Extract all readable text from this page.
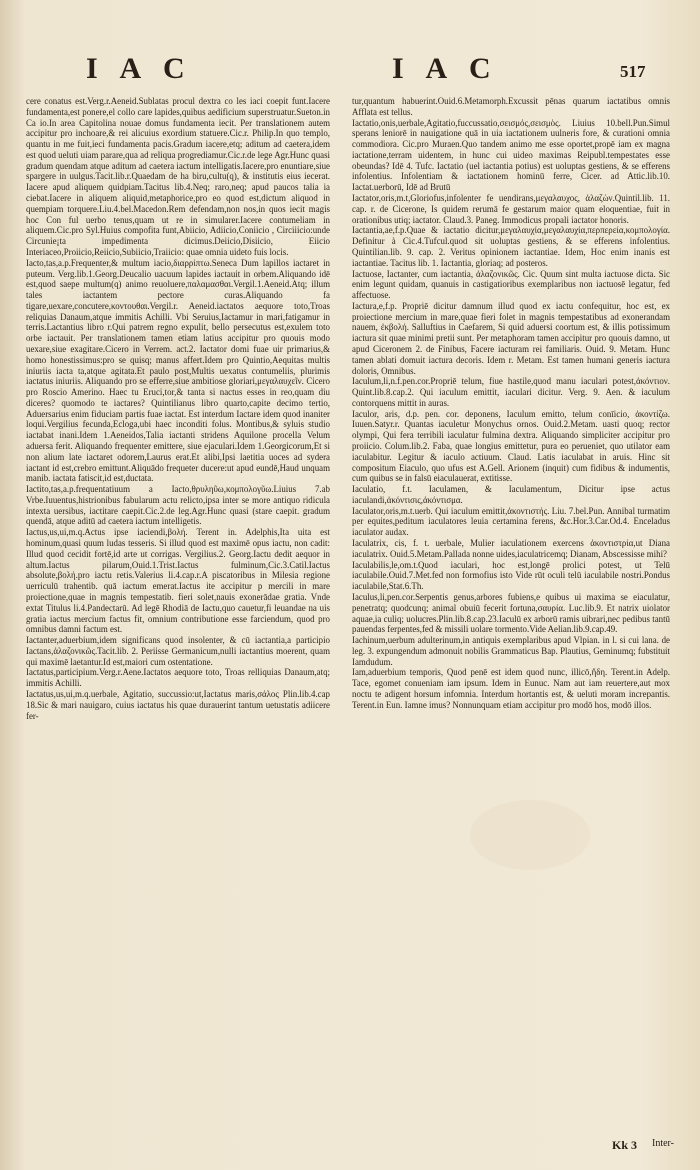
I A C	I A C	517

cere conatus est.Verg.r.Aeneid.Sublatas procul dextra co les iaci coepit funt.Iacere fundamenta,est ponere,el collo care lapides,quibus aedificium superstruatur.Sueton.in Ca io.In area Capitolina nouae domus fundamenta iecit. Per translationem autem accipitur pro inchoare,& rei alicuius exordium statuere.Cic.r. Philip.In quo templo, quantu in me fuit,ieci fundamenta pacis.Gradum iacere,etq; aditum ad caetera,idem est quod ueluti uiam parare,qua ad reliqua progrediamur.Cic.r.de lege Agr.Hunc quasi gradum quendam atque aditum ad caetera iactum intelligatis.Iacere,pro enuntiare,siue spargere in uulgus.Tacit.lib.r.Quaedam de ha biru,cultu(q), & institutis eius iecerat. Iacere apud aliquem quidpiam.Tacitus lib.4.Neq; raro,neq; apud paucos talia ia ciebat.Iacere in aliquem aliquid,metaphorice,pro eo quod est,dictum aliquod in quempiam torquere.Liu.4.bel.Macedon.Rem defendam,non nos,in quos iecit magis hoc Con ful uerbo tenus,quam ut re in simularer.Iacere contumeliam in aliquem.Cic.pro Syl.Huius compofita funt,Abiicio, Adiicio,Coniicio , Circiiicio:unde Circunie¡ta impedimenta dicimus.Deiicio,Disiicio, Eiicio Interiaceo,Proiicio,Reiicio,Subiicio,Traiicio: quae omnia uideto fuis locis.

Iacto,tas,a.p.Frequenter,& multum iacio,διαρρίπτω.Seneca Dum lapillos iactaret in puteum. Verg.lib.1.Georg.Deucalio uacuum lapides iactauit in orbem.Aliquando idē est,quod saepe multum(q) animo reuoluere,παλαμασθαι.Vergil.1.Aeneid.Atq; illum tales iactantem pectore curas.Aliquando fa tigare,uexare,concutere,κοντουθαι.Vergil.r. Aeneid.iactatos aequore toto,Troas reliquias Danaum,atque immitis Achilli. Vbi Seruius,Iactamur in mari,fatigamur in terris.Lactantius libro r.Qui patrem regno expulit, bello persecutus est,exulem toto orbe iactauit. Per translationem tamen etiam latius accipitur pro quouis modo uexare,siue exagitare.Cicero in Verrem. act.2. Iactator domi fuae uir primarius,& homo honestissimus:pro se quisq; manus affert.Idem pro Quintio,Aequitas multis iniuriis iacta ta,atque agitata.Et paulo post,Multis uexatus contumeliis, plurimis iactatus iniuriis. Aliquando pro se efferre,siue ambitiose gloriari,μεγαλαυχεῖν. Cicero pro Roscio Amerino. Haec tu Eruci,tor,& tanta si nactus esses in reo,quam diu diceres? quomodo te iactares? Quintilianus libro quarto,capite decimo tertio, Aduersarius enim fiduciam partis fuae iactat. Est interdum Iactare idem quod inaniter loqui.Vergilius fecunda,Ecloga,ubi haec inconditi folus. Montibus,& syluis studio iactabat inani.Idem 1.Aeneidos,Talia iactanti stridens Aquilone procella Velum aduersa ferit. Aliquando frequenter emittere, siue ejaculari.Idem 1.Georgicorum,Et si non alium late iactaret odorem,Laurus erat.Et alibi,Ipsi laetitia uoces ad sydera iactant id est,crebro emittunt.Aliquādo frequeter ducere:ut apud eundē,Haud unquam manib. iactata fatiscit,id est,ductata.

Iactito,tas,a.p.frequentatiuum a Iacto,θρυληῦω,κομπολογῦω.Liuius 7.ab Vrbe.Iuuentus,histrionibus fabularum actu relicto,ipsa inter se more antiquo ridicula intexta uersibus, iactitare caepit.Cic.2.de leg.Agr.Hunc quasi (stare caepit. gradum quendā, atque aditū ad caetera iactum intelligetis.

Iactus,us,ui,m.q.Actus ipse iaciendi,βολή. Terent in. Adelphis,Ita uita est hominum,quasi quum ludas tesseris. Si illud quod est maximē opus iactu, non cadit: Illud quod cecidit fortē,id arte ut corrigas. Vergilius.2. Georg.Iactu dedit aequor in altum.Iactus pilarum,Ouid.1.Trist.Iactus fulminum,Cic.3.Catil.Iactus absolute,βολή.pro iactu retis.Valerius li.4.cap.r.A piscatoribus in Milesia regione uerriculū trahentib. quā iactum emerat.Iactus ite accipitur p mercili in mare proiectione,quae in magnis tempestatib. fieri solet,nauis exonerādae gratia. Vnde extat Titulus li.4.Pandectarū. Ad legē Rhodiā de Iactu,quo cauetur,fi leuandae na uis gratia iactus mercium factus fit, omnium contributione esse farciendum, quod pro omnibus damni factum est.

Iactanter,aduerbium,idem significans quod insolenter, & cū iactantia,a participio Iactans,ἀλαζονικῶς.Tacit.lib. 2. Periisse Germanicum,nulli iactantius moerent, quam qui maximē laetantur.Id est,maiori cum ostentatione.

Iactatus,participium.Verg.r.Aene.Iactatos aequore toto, Troas relliquias Danaum,atq; immitis Achilli.

Iactatus,us,ui,m.q.uerbale, Agitatio, succussio:ut,Iactatus maris,σάλος Plin.lib.4.cap 18.Sic & mari nauigaro, cuius iactatus his quae durauerint tantum uetustatis adiicere fer-

tur,quantum habuerint.Ouid.6.Metamorph.Excussit pēnas quarum iactatibus omnis Afflata est tellus.

Iactatio,onis,uerbale,Agitatio,fuccussatio,σεισμός,σεισμὸς. Liuius 10.bell.Pun.Simul sperans leniorē in nauigatione quā in uia iactationem uulneris fore, & curationi omnia commodiora. Cic.pro Muraen.Quo tandem animo me esse oportet,propē iam ex magna iactatione,terram uidentem, in hunc cui uideo maximas Reipubl.tempestates esse obeundas? Idē 4. Tufc. Iactatio (uel iactantia potius) est uoluptas gestiens, & se efferens infolentius. Infolentiam & iactationem hominū ferre, Cicer. ad Attic.lib.10. Iactat.uerborū, Idē ad Brutū

Iactator,oris,m.t,Gloriofus,infolenter fe uendirans,μεγαλαυχος, ἀλαζὼν.Quintil.lib. 11. cap. r. de Cicerone, Is quidem rerumā fe gestarum maior quam eloquentiae, fuit in orationibus utiq; iactator. Claud.3. Paneg. Immodicus propali iactator honoris.

Iactantia,ae,f.p.Quae & iactatio dicitur,μεγαλαυχία,μεγαλαυχία,περπερεία,κομπολογία. Definitur à Cic.4.Tufcul.quod sit uoluptas gestiens, & se efferens infolentius. Quintilian.lib. 9. cap. 2. Veritus opinionem iactantiae. Idem, Hoc enim inanis est iactantiae. Tacitus lib. 1. Iactantia, gloriaq; ad posteros.

Iactuose, Iactanter, cum iactantia, ἀλαζονικῶς. Cic. Quum sint multa iactuose dicta. Sic enim legunt quidam, quanuis in castigatioribus exemplaribus non iactuosē legatur, fed affectuose.

Iactura,e,f.p. Propriē dicitur damnum illud quod ex iactu confequitur, hoc est, ex proiectione mercium in mare,quae fieri folet in magnis tempestatibus ad exonerandam nauem, ἐκβολή. Salluftius in Caefarem, Si quid aduersi coortum est, & illis potissimum iactura sit quae minimi pretii sunt. Per metaphoram tamen accipitur pro quouis damno, ut apud Ciceronem 2. de Finibus, Facere iacturam rei familiaris. Ouid. 9. Metam. Hunc tamen ablati domuit iactura decoris. Idem r. Metam. Est tamen humani generis iactura doloris, Omnibus.

Iaculum,li,n.f.pen.cor.Propriē telum, fiue hastile,quod manu iaculari potest,ἀκόντιον. Quint.lib.8.cap.2. Qui iaculum emittit, iaculari dicitur. Verg. 9. Aen. & iaculum contorquens mittit in auras.

Iaculor, aris, d.p. pen. cor. deponens, Iaculum emitto, telum conīicio, ἀκοντίζω. Iuuen.Satyr.r. Quantas iaculetur Monychus ornos. Ouid.2.Metam. uasti quoq; rector olympi, Qui fera terribili iaculatur fulmina dextra. Aliquando simpliciter accipitur pro proiicio. Colum.lib.2. Faba, quae longius emittetur, pura eo perueniet, quo utilator eam iaculabitur. Legitur & iaculo actiuum. Claud. Latis iaculabat in aruis. Hinc sit compositum Eiaculo, quo ufus est A.Gell. Arionem (inquit) cum fidibus & indumentis, cum quibus se in falsū eiaculauerat, extitisse.

Iaculatio, f.t. Iaculamen, & Iaculamentum, Dicitur ipse actus iaculandi,ἀκόντισις,ἀκόντισμα.

Iaculator,oris,m.t.uerb. Qui iaculum emittit,ἀκοντιστής. Liu. 7.bel.Pun. Annibal turmatim per equites,peditum iaculatores leuia certamina ferens, &c.Hor.3.Car.Od.4. Enceladus iaculator audax.

Iaculatrix, cis, f. t. uerbale, Mulier iaculationem exercens ἀκοντιστρία,ut Diana iaculatrix. Ouid.5.Metam.Pallada nonne uides,iaculatricemq; Dianam, Abscessisse mihi?

Iaculabilis,le,om.t.Quod iaculari, hoc est,longē prolici potest, ut Telū iaculabile.Ouid.7.Met.fed non formofius isto Vide rūt oculi telū iaculabile nostri.Pondus iaculabile,Stat.6.Th.

Iaculus,li,pen.cor.Serpentis genus,arbores fubiens,e quibus ui maxima se eiaculatur, penetratq; quodcunq; animal obuiū fecerit fortuna,σαυρία. Luc.lib.9. Et natrix uiolator aquae,ia culiq; uolucres.Plin.lib.8.cap.23.Iaculū ex arborū ramis uibrari,nec pedibus tantū pauendas ferpentes,fed & missili uolare tormento.Vide Aelian.lib.9.cap.49.

Iachinum,uerbum adulterinum,in antiquis exemplaribus apud Vlpian. in l. si cui lana. de leg. 3. expungendum admonuit nobilis Grammaticus Bap. Plautius, Geminumq; fubstituit Iamdudum.

Iam,aduerbium temporis, Quod penē est idem quod nunc, illicō,ἤδη. Terent.in Adelp. Tace, egomet conueniam iam ipsum. Idem in Eunuc. Nam aut iam reuertere,aut mox noctu te adigent horsum infomnia. Interdum hortantis est, & ueluti moram increpantis. Terent.in Eun. Iamne imus? Nonnunquam etiam accipitur pro modō hos, modō illos.

Kk 3 Inter-
